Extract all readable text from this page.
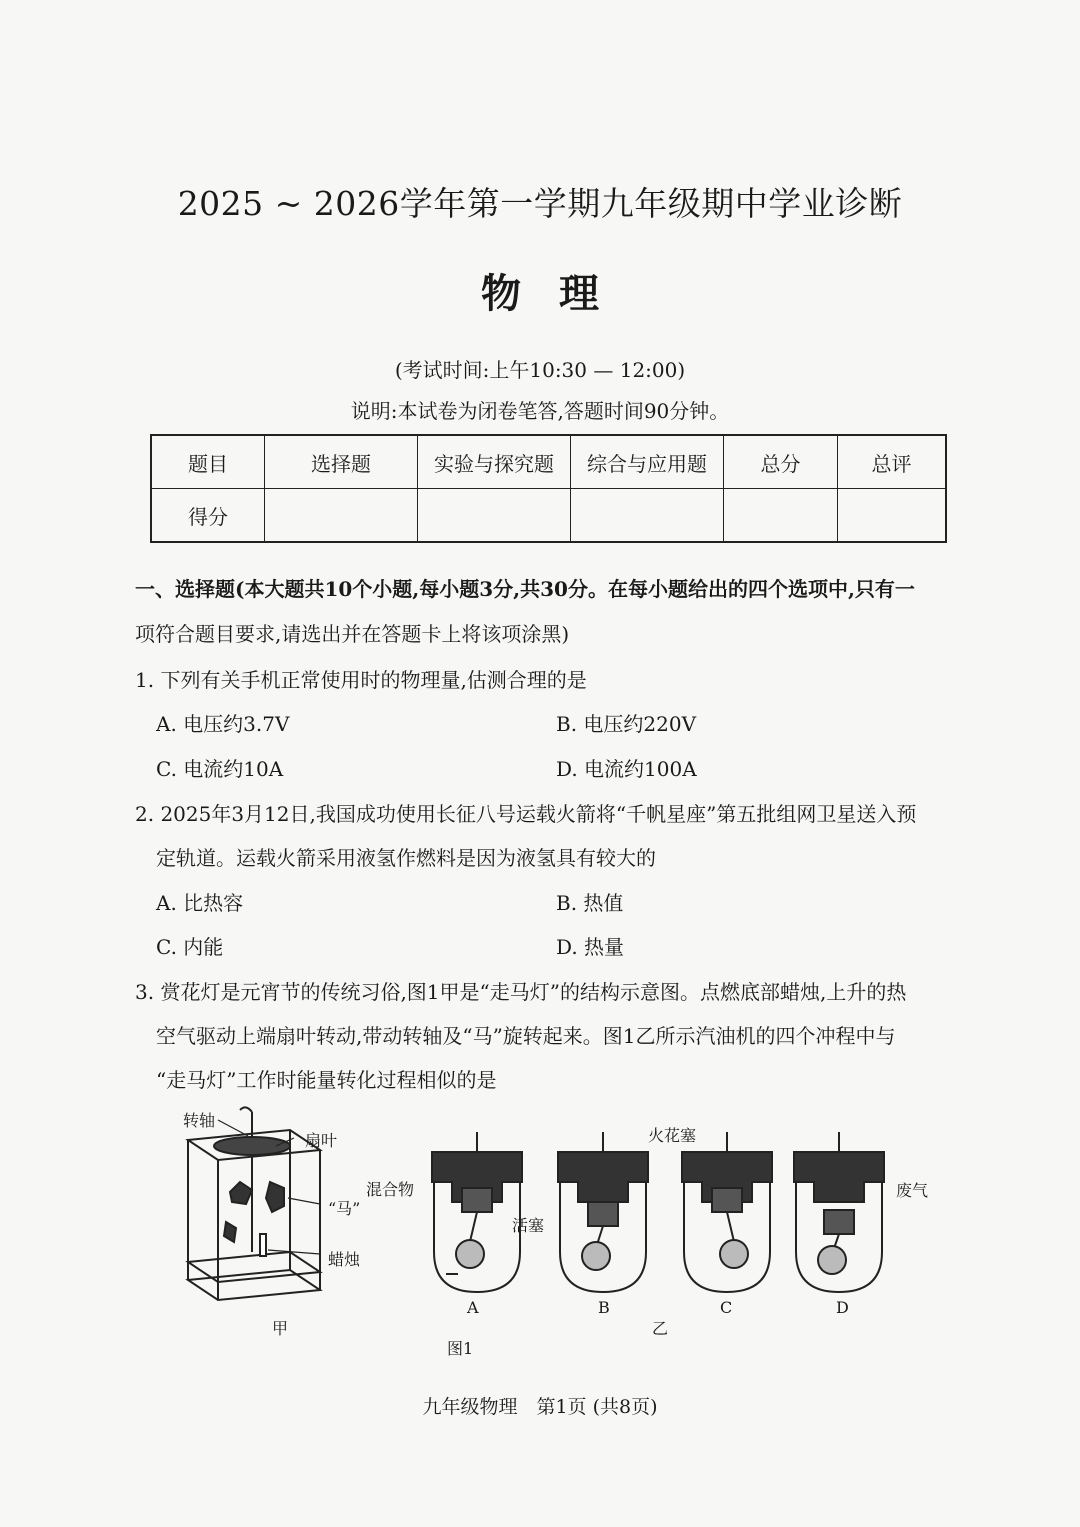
2025 ~ 2026学年第一学期九年级期中学业诊断
物理
(考试时间:上午10:30 — 12:00)
说明:本试卷为闭卷笔答,答题时间90分钟。
题目	选择题	实验与探究题	综合与应用题	总分	总评
得分					
一、选择题(本大题共10个小题,每小题3分,共30分。在每小题给出的四个选项中,只有一
项符合题目要求,请选出并在答题卡上将该项涂黑)
1. 下列有关手机正常使用时的物理量,估测合理的是
A. 电压约3.7V	B. 电压约220V
C. 电流约10A	D. 电流约100A
2. 2025年3月12日,我国成功使用长征八号运载火箭将“千帆星座”第五批组网卫星送入预
定轨道。运载火箭采用液氢作燃料是因为液氢具有较大的
A. 比热容	B. 热值
C. 内能	D. 热量
3. 赏花灯是元宵节的传统习俗,图1甲是“走马灯”的结构示意图。点燃底部蜡烛,上升的热
空气驱动上端扇叶转动,带动转轴及“马”旋转起来。图1乙所示汽油机的四个冲程中与
“走马灯”工作时能量转化过程相似的是
转轴
扇叶
“马”
蜡烛
甲
混合物
活塞
火花塞
废气
A	B	C	D
乙
图1
九年级物理　第1页 (共8页)
